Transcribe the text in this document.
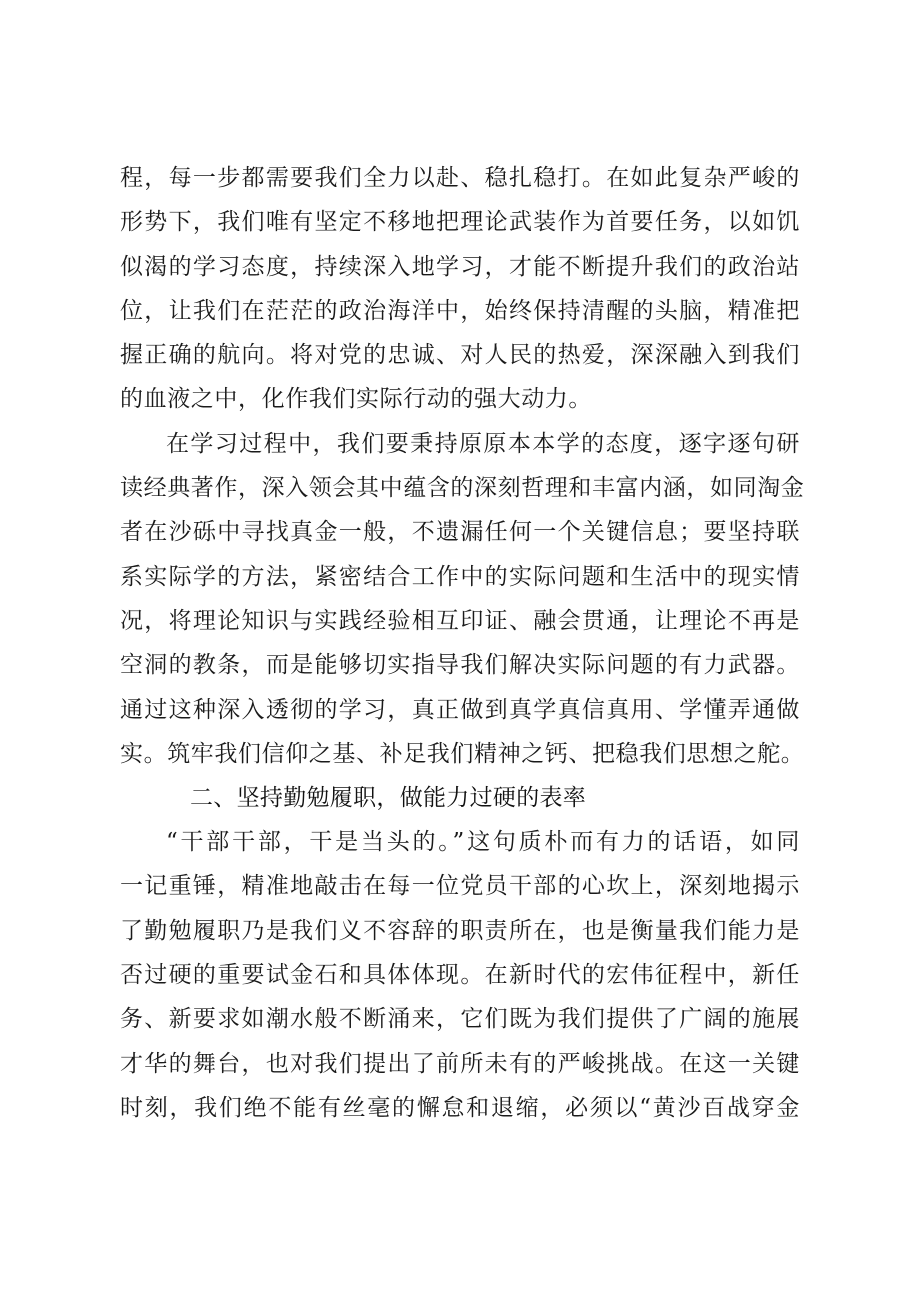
程，每一步都需要我们全力以赴、稳扎稳打。在如此复杂严峻的
形势下，我们唯有坚定不移地把理论武装作为首要任务，以如饥
似渴的学习态度，持续深入地学习，才能不断提升我们的政治站
位，让我们在茫茫的政治海洋中，始终保持清醒的头脑，精准把
握正确的航向。将对党的忠诚、对人民的热爱，深深融入到我们
的血液之中，化作我们实际行动的强大动力。
在学习过程中，我们要秉持原原本本学的态度，逐字逐句研
读经典著作，深入领会其中蕴含的深刻哲理和丰富内涵，如同淘金
者在沙砾中寻找真金一般，不遗漏任何一个关键信息；要坚持联
系实际学的方法，紧密结合工作中的实际问题和生活中的现实情
况，将理论知识与实践经验相互印证、融会贯通，让理论不再是
空洞的教条，而是能够切实指导我们解决实际问题的有力武器。
通过这种深入透彻的学习，真正做到真学真信真用、学懂弄通做
实。筑牢我们信仰之基、补足我们精神之钙、把稳我们思想之舵。
二、坚持勤勉履职，做能力过硬的表率
“干部干部，干是当头的。”这句质朴而有力的话语，如同
一记重锤，精准地敲击在每一位党员干部的心坎上，深刻地揭示
了勤勉履职乃是我们义不容辞的职责所在，也是衡量我们能力是
否过硬的重要试金石和具体体现。在新时代的宏伟征程中，新任
务、新要求如潮水般不断涌来，它们既为我们提供了广阔的施展
才华的舞台，也对我们提出了前所未有的严峻挑战。在这一关键
时刻，我们绝不能有丝毫的懈怠和退缩，必须以“黄沙百战穿金
